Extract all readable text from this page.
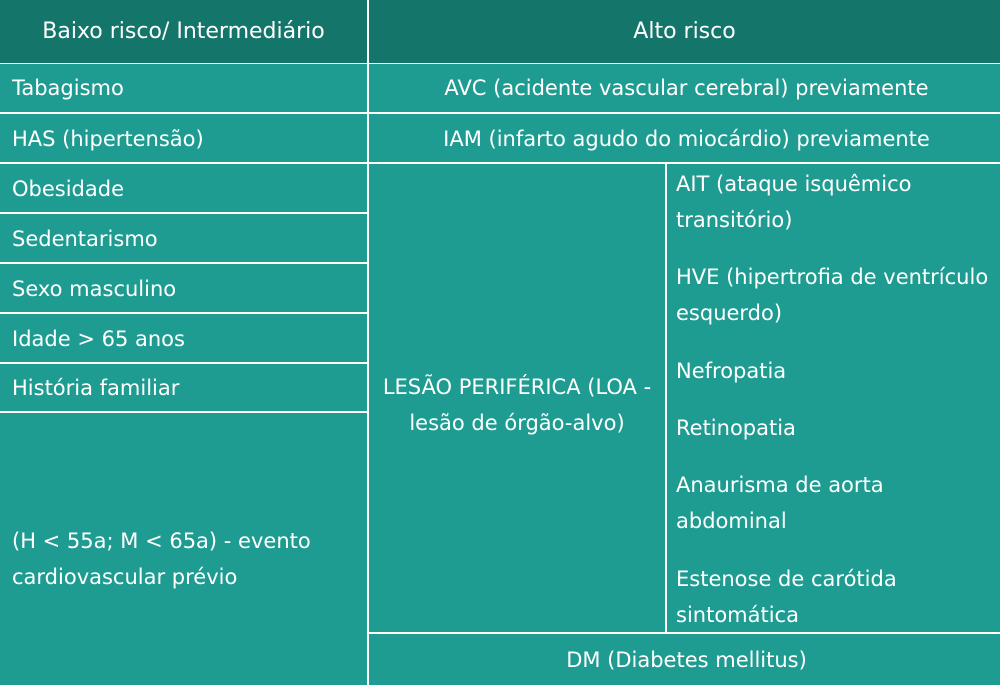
Baixo risco/ Intermediário	Alto risco
Tabagismo
HAS (hipertensão)
Obesidade
Sedentarismo
Sexo masculino
Idade > 65 anos
História familiar
(H < 55a; M < 65a) - evento cardiovascular prévio
AVC (acidente vascular cerebral) previamente
IAM (infarto agudo do miocárdio) previamente
LESÃO PERIFÉRICA (LOA - lesão de órgão-alvo)
AIT (ataque isquêmico transitório)
HVE (hipertrofia de ventrículo esquerdo)
Nefropatia
Retinopatia
Anaurisma de aorta abdominal
Estenose de carótida sintomática
DM (Diabetes mellitus)
